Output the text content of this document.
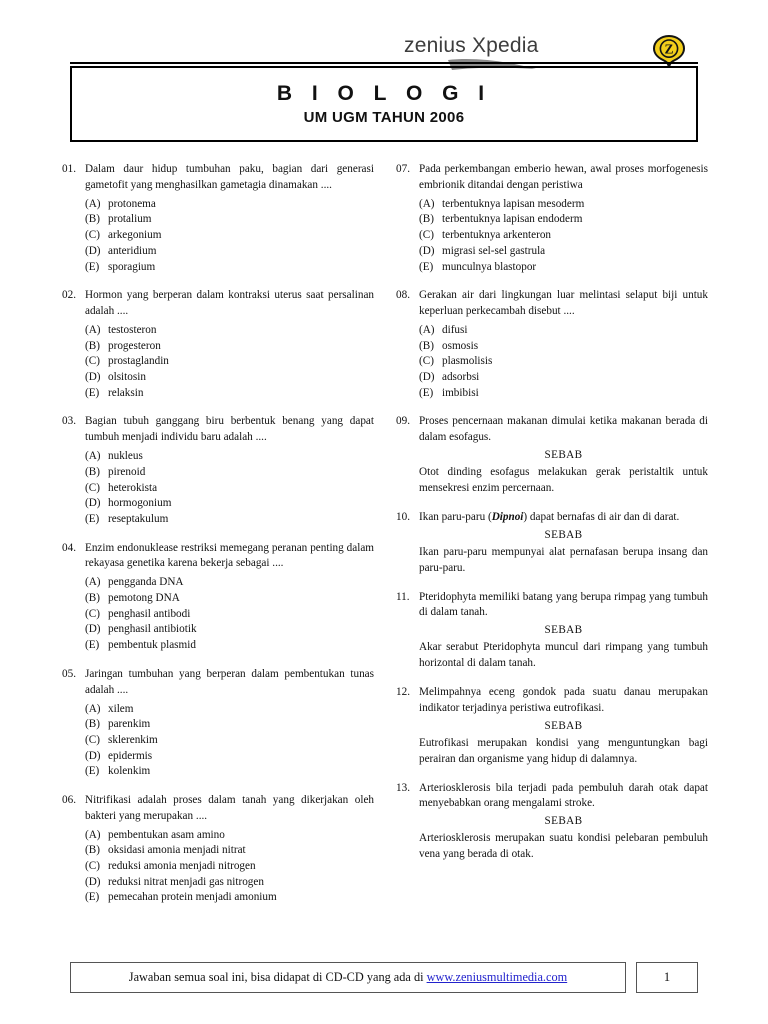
zenius Xpedia	Z
B I O L O G I
UM UGM TAHUN 2006
01. Dalam daur hidup tumbuhan paku, bagian dari generasi gametofit yang menghasilkan gametagia dinamakan ....

(A) protonema
(B) protalium
(C) arkegonium
(D) anteridium
(E) sporagium
02. Hormon yang berperan dalam kontraksi uterus saat persalinan adalah ....

(A) testosteron
(B) progesteron
(C) prostaglandin
(D) olsitosin
(E) relaksin
03. Bagian tubuh ganggang biru berbentuk benang yang dapat tumbuh menjadi individu baru adalah ....

(A) nukleus
(B) pirenoid
(C) heterokista
(D) hormogonium
(E) reseptakulum
04. Enzim endonuklease restriksi memegang peranan penting dalam rekayasa genetika karena bekerja sebagai ....

(A) pengganda DNA
(B) pemotong DNA
(C) penghasil antibodi
(D) penghasil antibiotik
(E) pembentuk plasmid
05. Jaringan tumbuhan yang berperan dalam pembentukan tunas adalah ....

(A) xilem
(B) parenkim
(C) sklerenkim
(D) epidermis
(E) kolenkim
06. Nitrifikasi adalah proses dalam tanah yang dikerjakan oleh bakteri yang merupakan ....

(A) pembentukan asam amino
(B) oksidasi amonia menjadi nitrat
(C) reduksi amonia menjadi nitrogen
(D) reduksi nitrat menjadi gas nitrogen
(E) pemecahan protein menjadi amonium
07. Pada perkembangan emberio hewan, awal proses morfogenesis embrionik ditandai dengan peristiwa

(A) terbentuknya lapisan mesoderm
(B) terbentuknya lapisan endoderm
(C) terbentuknya arkenteron
(D) migrasi sel-sel gastrula
(E) munculnya blastopor
08. Gerakan air dari lingkungan luar melintasi selaput biji untuk keperluan perkecambah disebut ....

(A) difusi
(B) osmosis
(C) plasmolisis
(D) adsorbsi
(E) imbibisi
09. Proses pencernaan makanan dimulai ketika makanan berada di dalam esofagus.

SEBAB

Otot dinding esofagus melakukan gerak peristaltik untuk mensekresi enzim percernaan.

10. Ikan paru-paru (Dipnoi) dapat bernafas di air dan di darat.

SEBAB

Ikan paru-paru mempunyai alat pernafasan berupa insang dan paru-paru.

11. Pteridophyta memiliki batang yang berupa rimpag yang tumbuh di dalam tanah.

SEBAB

Akar serabut Pteridophyta muncul dari rimpang yang tumbuh horizontal di dalam tanah.

12. Melimpahnya eceng gondok pada suatu danau merupakan indikator terjadinya peristiwa eutrofikasi.

SEBAB

Eutrofikasi merupakan kondisi yang menguntungkan bagi perairan dan organisme yang hidup di dalamnya.

13. Arteriosklerosis bila terjadi pada pembuluh darah otak dapat menyebabkan orang mengalami stroke.

SEBAB

Arteriosklerosis merupakan suatu kondisi pelebaran pembuluh vena yang berada di otak.

Jawaban semua soal ini, bisa didapat di CD-CD yang ada di www.zeniusmultimedia.com	1
